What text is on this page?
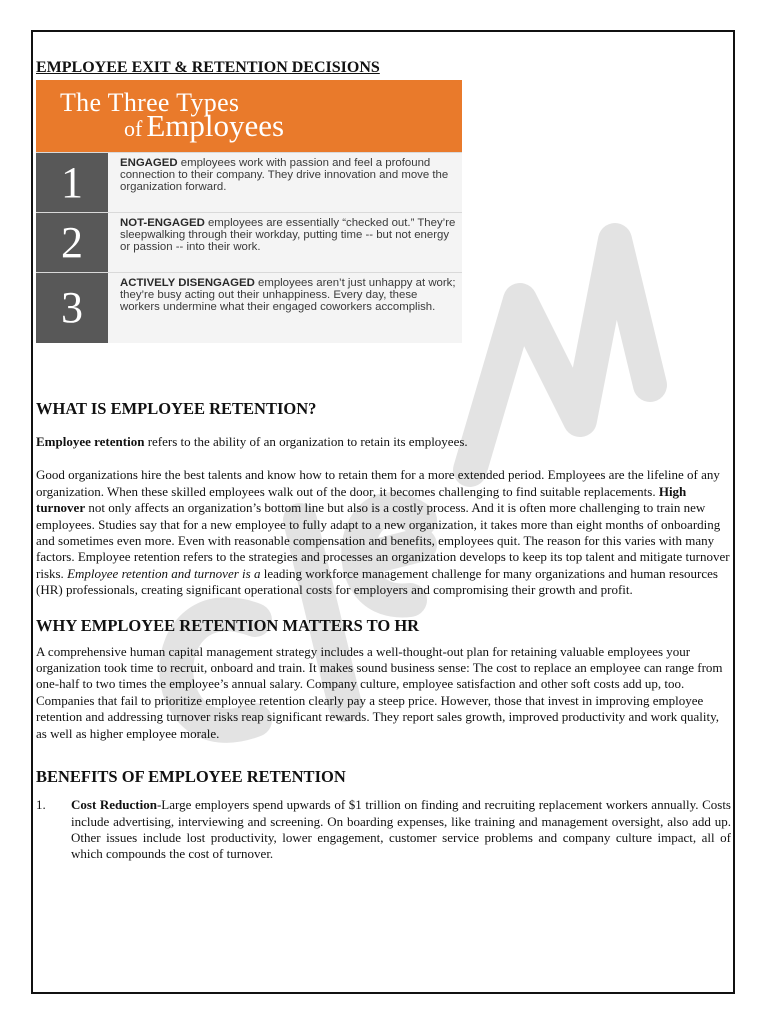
EMPLOYEE EXIT & RETENTION DECISIONS
The Three Types
of Employees
1	ENGAGED employees work with passion and feel a profound connection to their company. They drive innovation and move the organization forward.
2	NOT-ENGAGED employees are essentially “checked out.” They’re sleepwalking through their workday, putting time -- but not energy or passion -- into their work.
3	ACTIVELY DISENGAGED employees aren’t just unhappy at work; they’re busy acting out their unhappiness. Every day, these workers undermine what their engaged coworkers accomplish.
WHAT IS EMPLOYEE RETENTION?

Employee retention refers to the ability of an organization to retain its employees.

Good organizations hire the best talents and know how to retain them for a more extended period. Employees are the lifeline of any organization. When these skilled employees walk out of the door, it becomes challenging to find suitable replacements. High turnover not only affects an organization’s bottom line but also is a costly process. And it is often more challenging to train new employees. Studies say that for a new employee to fully adapt to a new organization, it takes more than eight months of onboarding and sometimes even more. Even with reasonable compensation and benefits, employees quit. The reason for this varies with many factors. Employee retention refers to the strategies and processes an organization develops to keep its top talent and mitigate turnover risks. Employee retention and turnover is a leading workforce management challenge for many organizations and human resources (HR) professionals, creating significant operational costs for employers and compromising their growth and profit.

WHY EMPLOYEE RETENTION MATTERS TO HR

A comprehensive human capital management strategy includes a well-thought-out plan for retaining valuable employees your organization took time to recruit, onboard and train. It makes sound business sense: The cost to replace an employee can range from one-half to two times the employee’s annual salary. Company culture, employee satisfaction and other soft costs add up, too. Companies that fail to prioritize employee retention clearly pay a steep price. However, those that invest in improving employee retention and addressing turnover risks reap significant rewards. They report sales growth, improved productivity and work quality, as well as higher employee morale.

BENEFITS OF EMPLOYEE RETENTION
1. Cost Reduction-Large employers spend upwards of $1 trillion on finding and recruiting replacement workers annually. Costs include advertising, interviewing and screening. On boarding expenses, like training and management oversight, also add up. Other issues include lost productivity, lower engagement, customer service problems and company culture impact, all of which compounds the cost of turnover.
